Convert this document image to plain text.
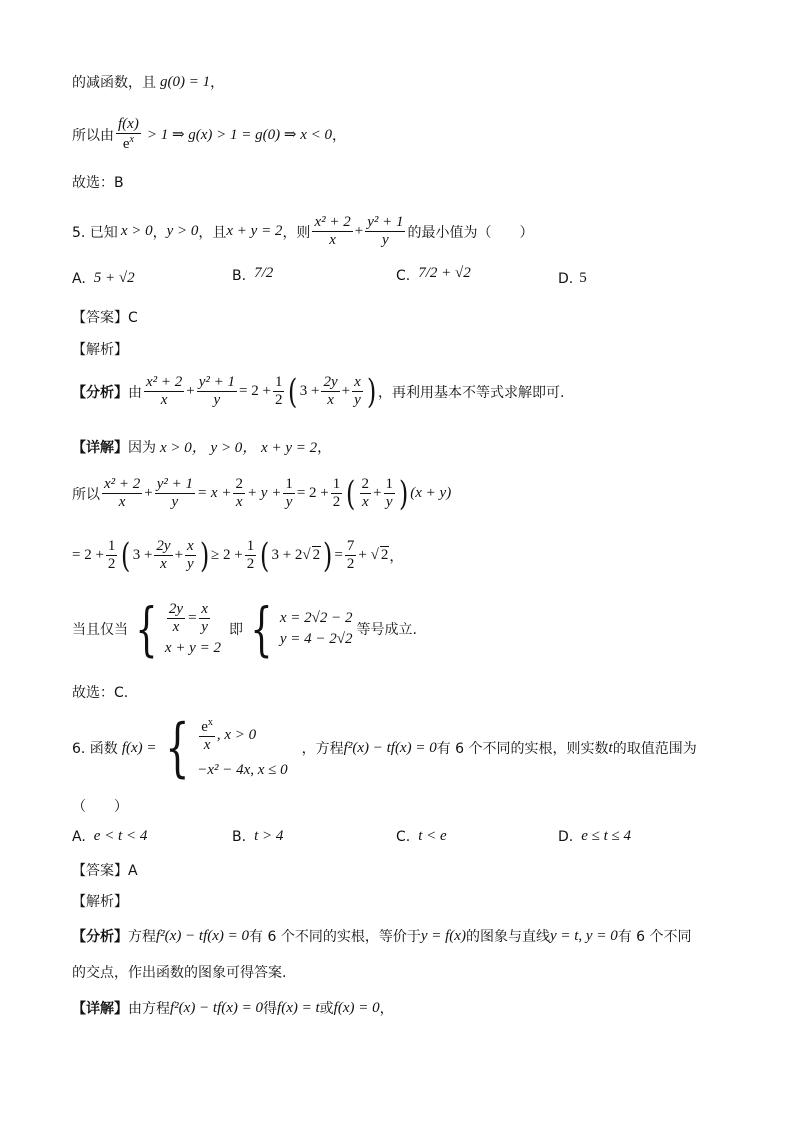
的减函数，且 g(0) = 1 ，
所以由 $\frac{f(x)}{e^x} > 1$ ⇒ g(x) > 1 = g(0) ⇒ x < 0 ，
故选：B
5. 已知 x > 0 ， y > 0 ，且 x + y = 2 ，则 $\frac{\text{x² + 2}}{x} + \frac{\text{y² + 1}}{y}$ 的最小值为（　　）
A. 5 + √2	B. 7/2	C. 7/2 + √2	D. 5
【答案】C
【解析】
【分析】 由 $\frac{\text{x² + 2}}{x} + \frac{\text{y² + 1}}{y} = 2 + \frac{1}{2}$ ( $3 + \frac{2y}{x} + \frac{x}{y}$ ) ，再利用基本不等式求解即可.
【详解】 因为 x > 0， y > 0， x + y = 2 ，
所以 $\frac{\text{x² + 2}}{x} + \frac{\text{y² + 1}}{y} = x + \frac{2}{x} + y + \frac{1}{y} = 2 + \frac{1}{2}$ ( $\frac{2}{x} + \frac{1}{y}$ ) (x + y)
= $2 + \frac{1}{2}$ ( $3 + \frac{2y}{x} + \frac{x}{y}$ ) ≥ $2 + \frac{1}{2}$ ( 3 + 2√ 2 ) = $\frac{7}{2}$ + √ 2 ，
当且仅当 { $\frac{2y}{x} = \frac{x}{y}$
x + y = 2
即 { x = 2√2 − 2
y = 4 − 2√2
等号成立.
故选：C.
6. 函数 f(x) = { $\frac{e^x}{x}$ , x > 0
−x² − 4x, x ≤ 0
，方程 f²(x) − tf(x) = 0 有 6 个不同的实根，则实数 t 的取值范围为
（　　）
A. e < t < 4	B. t > 4	C. t < e	D. e ≤ t ≤ 4
【答案】A
【解析】
【分析】 方程 f²(x) − tf(x) = 0 有 6 个不同的实根，等价于 y = f(x) 的图象与直线 y = t, y = 0 有 6 个不同
的交点，作出函数的图象可得答案.
【详解】 由方程 f²(x) − tf(x) = 0 得 f(x) = t 或 f(x) = 0 ，
